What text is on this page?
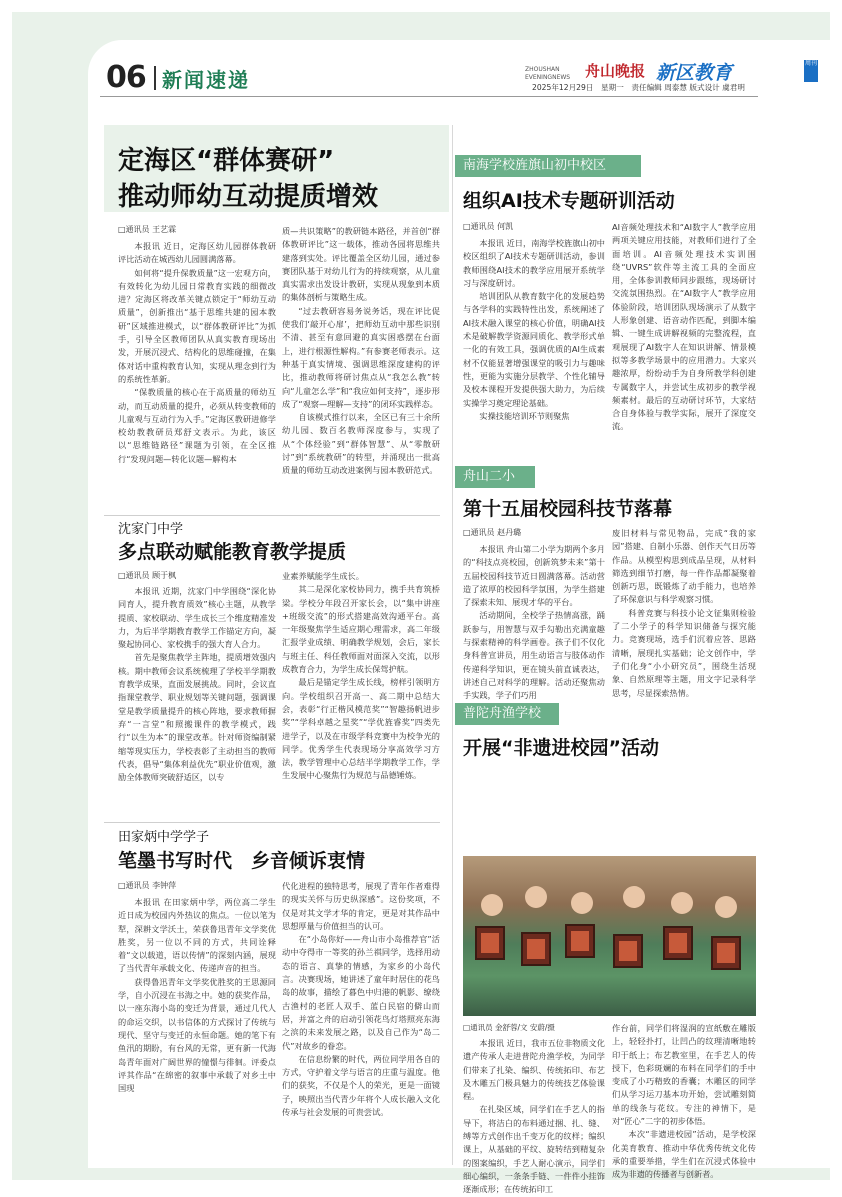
06 新闻速递	ZHOUSHAN
EVENINGNEWS 舟山晚报 新区教育	周刊
2025年12月29日　星期一　责任编辑 周泰慧 版式设计 虞君明
定海区“群体赛研”
推动师幼互动提质增效
□通讯员 王艺霖

本报讯 近日，定海区幼儿园群体教研评比活动在城西幼儿园圆满落幕。

如何将“提升保教质量”这一宏观方向，有效转化为幼儿园日常教育实践的细微改进？定海区将改革关键点锁定于“师幼互动质量”，创新推出“基于思维共建的园本教研”区域推进模式，以“群体教研评比”为抓手，引导全区教师团队从真实教育现场出发，开展沉浸式、结构化的思维碰撞，在集体对话中重构教育认知，实现从理念到行为的系统性革新。

“保教质量的核心在于高质量的师幼互动，而互动质量的提升，必须从转变教师的儿童观与互动行为入手。”定海区教研进修学校幼教教研员郑舒文表示。为此，该区以“思维链路径”课题为引领，在全区推行“发现问题—转化议题—解构本

质—共识策略”的教研链本路径，并首创“群体教研评比”这一载体，推动各园将思维共建落到实处。评比覆盖全区幼儿园，通过参赛团队基于对幼儿行为的持续观察，从儿童真实需求出发设计教研，实现从现象到本质的集体剖析与策略生成。

“过去教研容易务说务话，现在评比促使我们‘敲开心扉’，把师幼互动中那些识别不清、甚至有意回避的真实困惑摆在台面上，进行根源性解构。”有参赛老师表示。这种基于真实情境、强调思维深度建构的评比，推动教师将研讨焦点从“我怎么教”转向“儿童怎么学”和“我应如何支持”，逐步形成了“观察—理解—支持”的闭环实践样态。

自该模式推行以来，全区已有三十余所幼儿园、数百名教师深度参与，实现了从“个体经验”到“群体智慧”、从“零散研讨”到“系统教研”的转型，并涌现出一批高质量的师幼互动改进案例与园本教研范式。

沈家门中学
多点联动赋能教育教学提质
□通讯员 顾于枫

本报讯 近期，沈家门中学围绕“深化协同育人，提升教育质效”核心主题，从教学提质、家校联动、学生成长三个维度精准发力，为后半学期教育教学工作锚定方向，凝聚起协同心、家校携手的强大育人合力。

首先是聚焦教学主阵地，提质增效强内核。期中教师会议系统梳理了学校半学期教育教学成果，直面发展挑战。同时，会议直指课堂教学、职业规划等关键问题，强调课堂是教学质量提升的核心阵地，要求教师摒弃“一言堂”和照搬课件的教学模式，践行“以生为本”的课堂改革。针对师资编制紧缩等现实压力，学校表彰了主动担当的教师代表，倡导“集体利益优先”职业价值观，激励全体教师突破舒适区，以专

业素养赋能学生成长。

其二是深化家校协同力，携手共育筑桥梁。学校分年段召开家长会，以“集中讲座+班级交流”的形式搭建高效沟通平台。高一年级聚焦学生适应期心理需求，高二年级汇报学业成绩、明确教学规划，会后，家长与班主任、科任教师面对面深入交流，以形成教育合力，为学生成长保驾护航。

最后是锚定学生成长线，榜样引领明方向。学校组织召开高一、高二期中总结大会，表彰“行正楷风模范奖”“智趣扬帆进步奖”“学科卓越之星奖”“学优旌睿奖”四类先进学子，以及在市级学科竞赛中为校争光的同学。优秀学生代表现场分享高效学习方法，教学管理中心总结半学期教学工作，学生发展中心聚焦行为规范与品德锤炼。

田家炳中学学子
笔墨书写时代　乡音倾诉衷情
□通讯员 李钟萍

本报讯 在田家炳中学，两位高二学生近日成为校园内外热议的焦点。一位以笔为犁，深耕文学沃土，荣获鲁迅青年文学奖优胜奖，另一位以不同的方式，共同诠释着“文以载道，语以传情”的深刻内涵，展现了当代青年承载文化、传递声音的担当。

获得鲁迅青年文学奖优胜奖的王思源同学，自小沉浸在书海之中。她的获奖作品，以一座东海小岛的变迁为背景，通过几代人的命运交织，以书信体的方式探讨了传统与现代、坚守与变迁的永恒命题。她的笔下有鱼汛的期盼，有台风的无常，更有新一代海岛青年面对广阔世界的憧憬与徘徊。评委点评其作品“在绵密的叙事中承载了对乡土中国现

代化进程的独特思考，展现了青年作者难得的现实关怀与历史纵深感”。这份奖项，不仅是对其文学才华的肯定，更是对其作品中思想厚量与价值担当的认可。

在“小岛你好——舟山市小岛推荐官”活动中夺得市一等奖的孙兰祺同学，选择用动态的语言、真挚的情感，为家乡的小岛代言。决赛现场，她讲述了童年时居住的花鸟岛的故事，描绘了暮色中归港的帆影、缭绕古渔村的老匠人双手、蓝白民宿的僻山而居，并富之舟的启动引领花鸟灯塔照亮东海之滨的未来发展之路，以及自己作为“岛二代”对故乡的眷恋。

在信息纷繁的时代，两位同学用各自的方式，守护着文学与语言的庄重与温度。他们的获奖，不仅是个人的荣光，更是一面镜子，映照出当代青少年将个人成长融入文化传承与社会发展的可贵尝试。

南海学校旌旗山初中校区
组织AI技术专题研训活动
□通讯员 何凯

本报讯 近日，南海学校旌旗山初中校区组织了AI技术专题研训活动，参训教师围绕AI技术的教学应用展开系统学习与深度研讨。

培训团队从教育数字化的发展趋势与各学科的实践特性出发，系统阐述了AI技术融入课堂的核心价值，明确AI技术是破解教学资源同质化、教学形式单一化的有效工具，强调优质的AI生成素材不仅能显著增强课堂的吸引力与趣味性，更能为实施分层教学、个性化辅导及校本课程开发提供强大助力，为后续实操学习奠定理论基础。

实操技能培训环节则聚焦

AI音频处理技术和“AI数字人”教学应用两项关键应用技能，对教师们进行了全面培训。AI音频处理技术实训围绕“UVRS”软件等主流工具的全面应用，全体参训教师同步跟练，现场研讨交流氛围热烈。在“AI数字人”教学应用体验阶段，培训团队现场演示了从数字人形象创建、语音动作匹配，到脚本编辑、一键生成讲解视频的完整流程，直观展现了AI数字人在知识讲解、情景模拟等多教学场景中的应用潜力。大家兴趣浓厚，纷纷动手为自身所教学科创建专属数字人，并尝试生成初步的教学视频素材。最后的互动研讨环节，大家结合自身体验与教学实际，展开了深度交流。

舟山二小
第十五届校园科技节落幕
□通讯员 赵丹璐

本报讯 舟山第二小学为期两个多月的“科技点亮校园，创新筑梦未来”第十五届校园科技节近日圆满落幕。活动营造了浓厚的校园科学氛围，为学生搭建了探索未知、展现才华的平台。

活动期间，全校学子热情高涨，踊跃参与，用智慧与双手勾勒出充满童趣与探索精神的科学画卷。孩子们不仅化身科普宣讲员，用生动语言与肢体动作传递科学知识，更在镜头前直诚表达，讲述自己对科学的理解。活动还聚焦动手实践，学子们巧用

废旧材料与常见物品，完成“我的家园”搭建、自制小乐器、创作天气日历等作品。从模型构思到成品呈现，从材料筛选到细节打磨，每一件作品都凝聚着创新巧思，既锻炼了动手能力，也培养了环保意识与科学观察习惯。

科普竞赛与科技小论文征集则检验了二小学子的科学知识储备与探究能力。竞赛现场，选手们沉着应答、思路清晰，展现扎实基础；论文创作中，学子们化身“小小研究员”，围绕生活现象、自然原理等主题，用文字记录科学思考，尽显探索热情。

普陀舟渔学校
开展“非遗进校园”活动
□通讯员 金舒蓉/文 安蔚/摄

本报讯 近日，我市五位非物质文化遗产传承人走进普陀舟渔学校，为同学们带来了扎染、编织、传统拓印、布艺及木雕五门极具魅力的传统技艺体验课程。

在扎染区域，同学们在手艺人的指导下，将洁白的布料通过捆、扎、缝、缚等方式创作出千变万化的纹样；编织课上，从基础的平纹、旋转结到精复杂的图案编织，手艺人耐心演示，同学们细心编织，一条条手链、一件件小挂饰逐渐成形；在传统拓印工

作台前，同学们将湿润的宣纸敷在雕版上，轻轻扑打，让凹凸的纹理清晰地转印于纸上；布艺教室里，在手艺人的传授下，色彩斑斓的布料在同学们的手中变成了小巧精致的香囊；木雕区的同学们从学习运刀基本功开始，尝试雕刻简单的线条与花纹。专注的神情下，是对“匠心”二字的初步体悟。

本次“非遗进校园”活动，是学校深化美育教育、推动中华优秀传统文化传承的重要举措，学生们在沉浸式体验中成为非遗的传播者与创新者。
